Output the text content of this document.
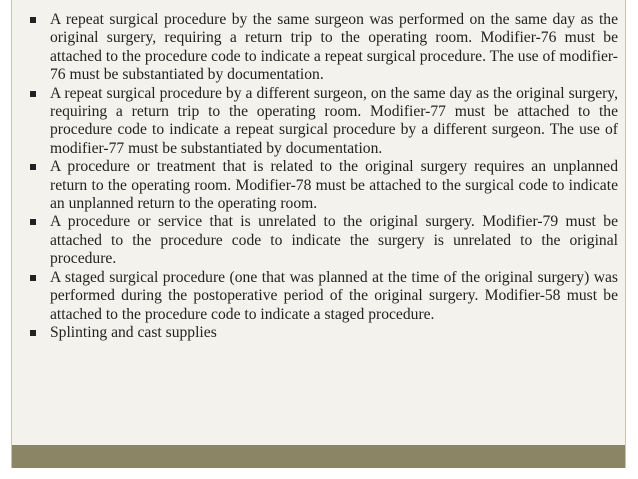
A repeat surgical procedure by the same surgeon was performed on the same day as the original surgery, requiring a return trip to the operating room. Modifier-76 must be attached to the procedure code to indicate a repeat surgical procedure. The use of modifier-76 must be substantiated by documentation.
A repeat surgical procedure by a different surgeon, on the same day as the original surgery, requiring a return trip to the operating room. Modifier-77 must be attached to the procedure code to indicate a repeat surgical procedure by a different surgeon. The use of modifier-77 must be substantiated by documentation.
A procedure or treatment that is related to the original surgery requires an unplanned return to the operating room. Modifier-78 must be attached to the surgical code to indicate an unplanned return to the operating room.
A procedure or service that is unrelated to the original surgery. Modifier-79 must be attached to the procedure code to indicate the surgery is unrelated to the original procedure.
A staged surgical procedure (one that was planned at the time of the original surgery) was performed during the postoperative period of the original surgery. Modifier-58 must be attached to the procedure code to indicate a staged procedure.
Splinting and cast supplies
